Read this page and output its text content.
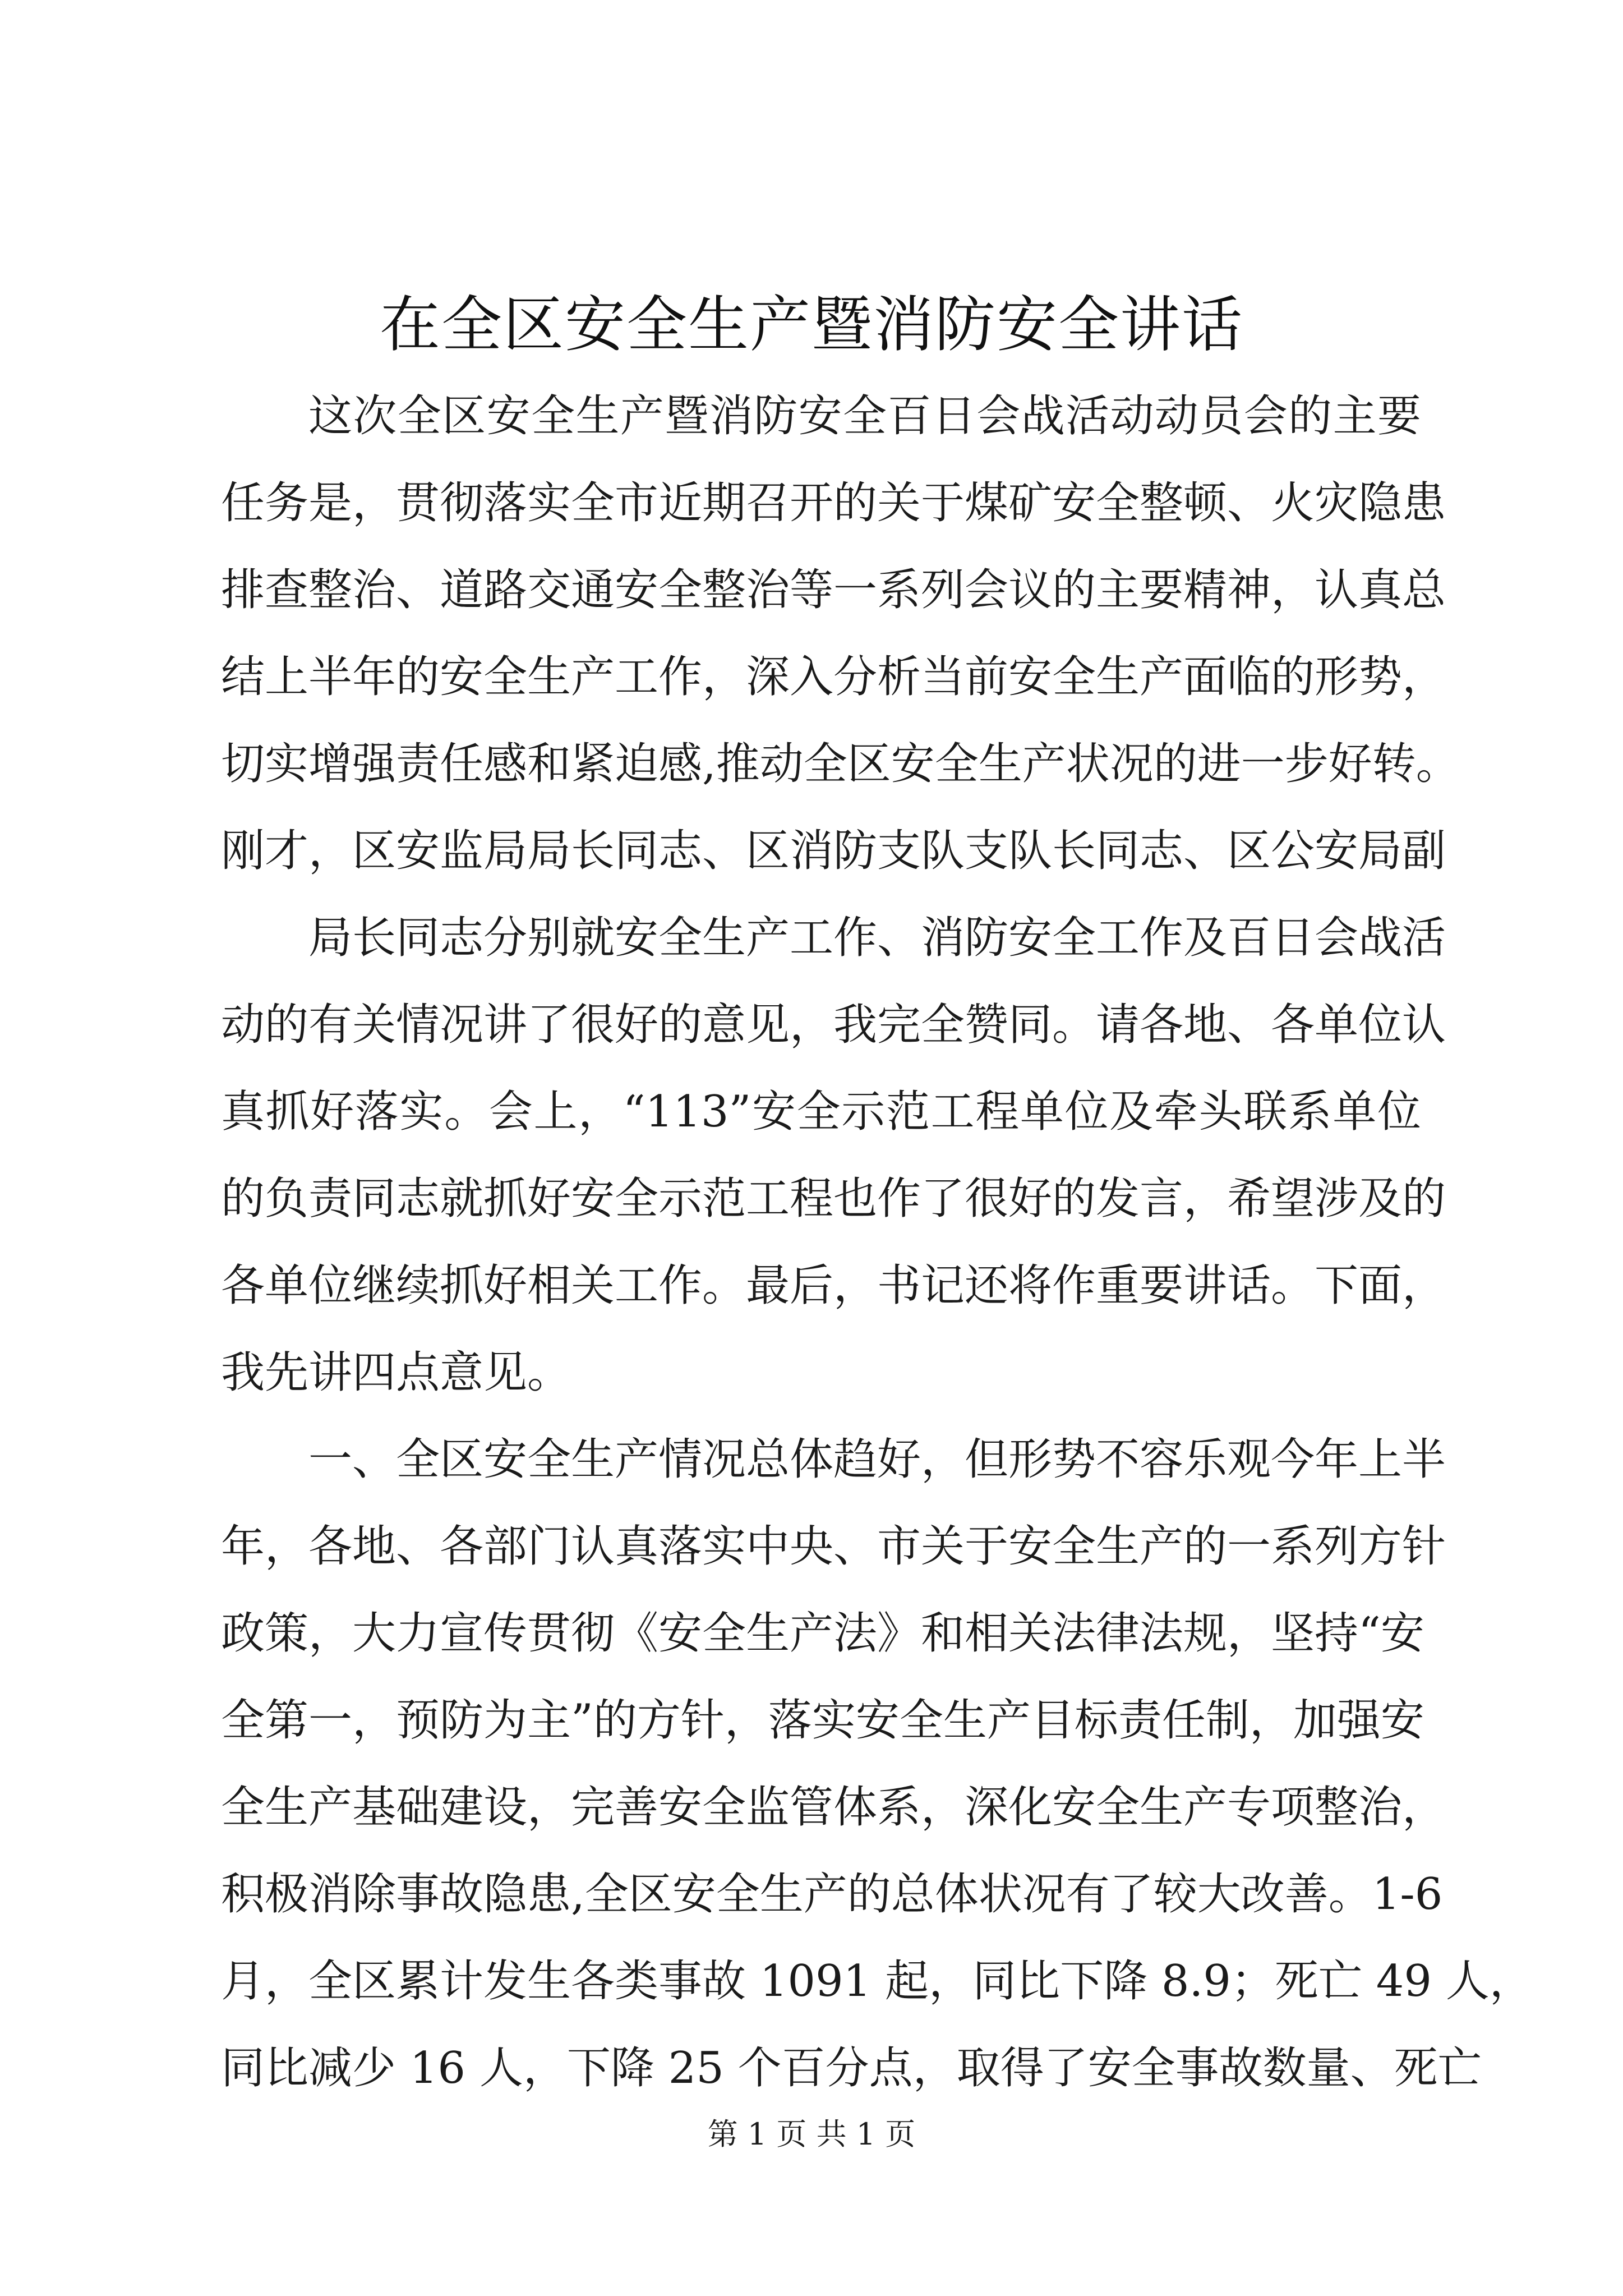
在全区安全生产暨消防安全讲话
这次全区安全生产暨消防安全百日会战活动动员会的主要
任务是，贯彻落实全市近期召开的关于煤矿安全整顿、火灾隐患
排查整治、道路交通安全整治等一系列会议的主要精神，认真总
结上半年的安全生产工作，深入分析当前安全生产面临的形势，
切实增强责任感和紧迫感,推动全区安全生产状况的进一步好转。
刚才，区安监局局长同志、区消防支队支队长同志、区公安局副
局长同志分别就安全生产工作、消防安全工作及百日会战活
动的有关情况讲了很好的意见，我完全赞同。请各地、各单位认
真抓好落实。会上，“113”安全示范工程单位及牵头联系单位
的负责同志就抓好安全示范工程也作了很好的发言，希望涉及的
各单位继续抓好相关工作。最后，书记还将作重要讲话。下面，
我先讲四点意见。
一、全区安全生产情况总体趋好，但形势不容乐观今年上半
年，各地、各部门认真落实中央、市关于安全生产的一系列方针
政策，大力宣传贯彻《安全生产法》和相关法律法规，坚持“安
全第一，预防为主”的方针，落实安全生产目标责任制，加强安
全生产基础建设，完善安全监管体系，深化安全生产专项整治，
积极消除事故隐患,全区安全生产的总体状况有了较大改善。1-6
月，全区累计发生各类事故 1091 起，同比下降 8.9；死亡 49 人，
同比减少 16 人，下降 25 个百分点，取得了安全事故数量、死亡
第 1 页 共 1 页
